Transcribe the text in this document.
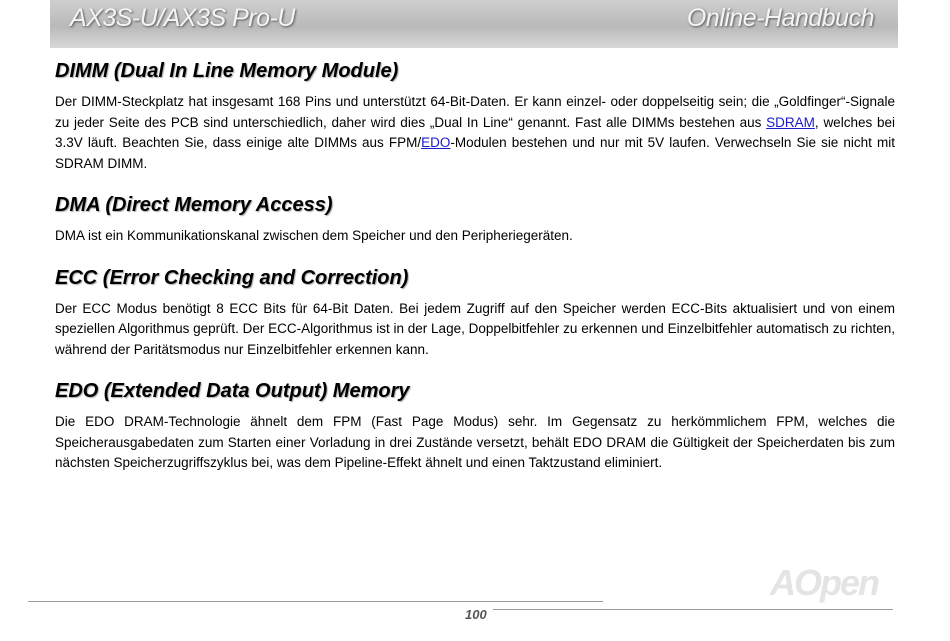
AX3S-U/AX3S Pro-U	Online-Handbuch
DIMM (Dual In Line Memory Module)

Der DIMM-Steckplatz hat insgesamt 168 Pins und unterstützt 64-Bit-Daten. Er kann einzel- oder doppelseitig sein; die „Goldfinger“-Signale zu jeder Seite des PCB sind unterschiedlich, daher wird dies „Dual In Line“ genannt. Fast alle DIMMs bestehen aus SDRAM, welches bei 3.3V läuft. Beachten Sie, dass einige alte DIMMs aus FPM/EDO-Modulen bestehen und nur mit 5V laufen. Verwechseln Sie sie nicht mit SDRAM DIMM.

DMA (Direct Memory Access)

DMA ist ein Kommunikationskanal zwischen dem Speicher und den Peripheriegeräten.

ECC (Error Checking and Correction)

Der ECC Modus benötigt 8 ECC Bits für 64-Bit Daten. Bei jedem Zugriff auf den Speicher werden ECC-Bits aktualisiert und von einem speziellen Algorithmus geprüft. Der ECC-Algorithmus ist in der Lage, Doppelbitfehler zu erkennen und Einzelbitfehler automatisch zu richten, während der Paritätsmodus nur Einzelbitfehler erkennen kann.

EDO (Extended Data Output) Memory

Die EDO DRAM-Technologie ähnelt dem FPM (Fast Page Modus) sehr. Im Gegensatz zu herkömmlichem FPM, welches die Speicherausgabedaten zum Starten einer Vorladung in drei Zustände versetzt, behält EDO DRAM die Gültigkeit der Speicherdaten bis zum nächsten Speicherzugriffszyklus bei, was dem Pipeline-Effekt ähnelt und einen Taktzustand eliminiert.

AOpen
100
